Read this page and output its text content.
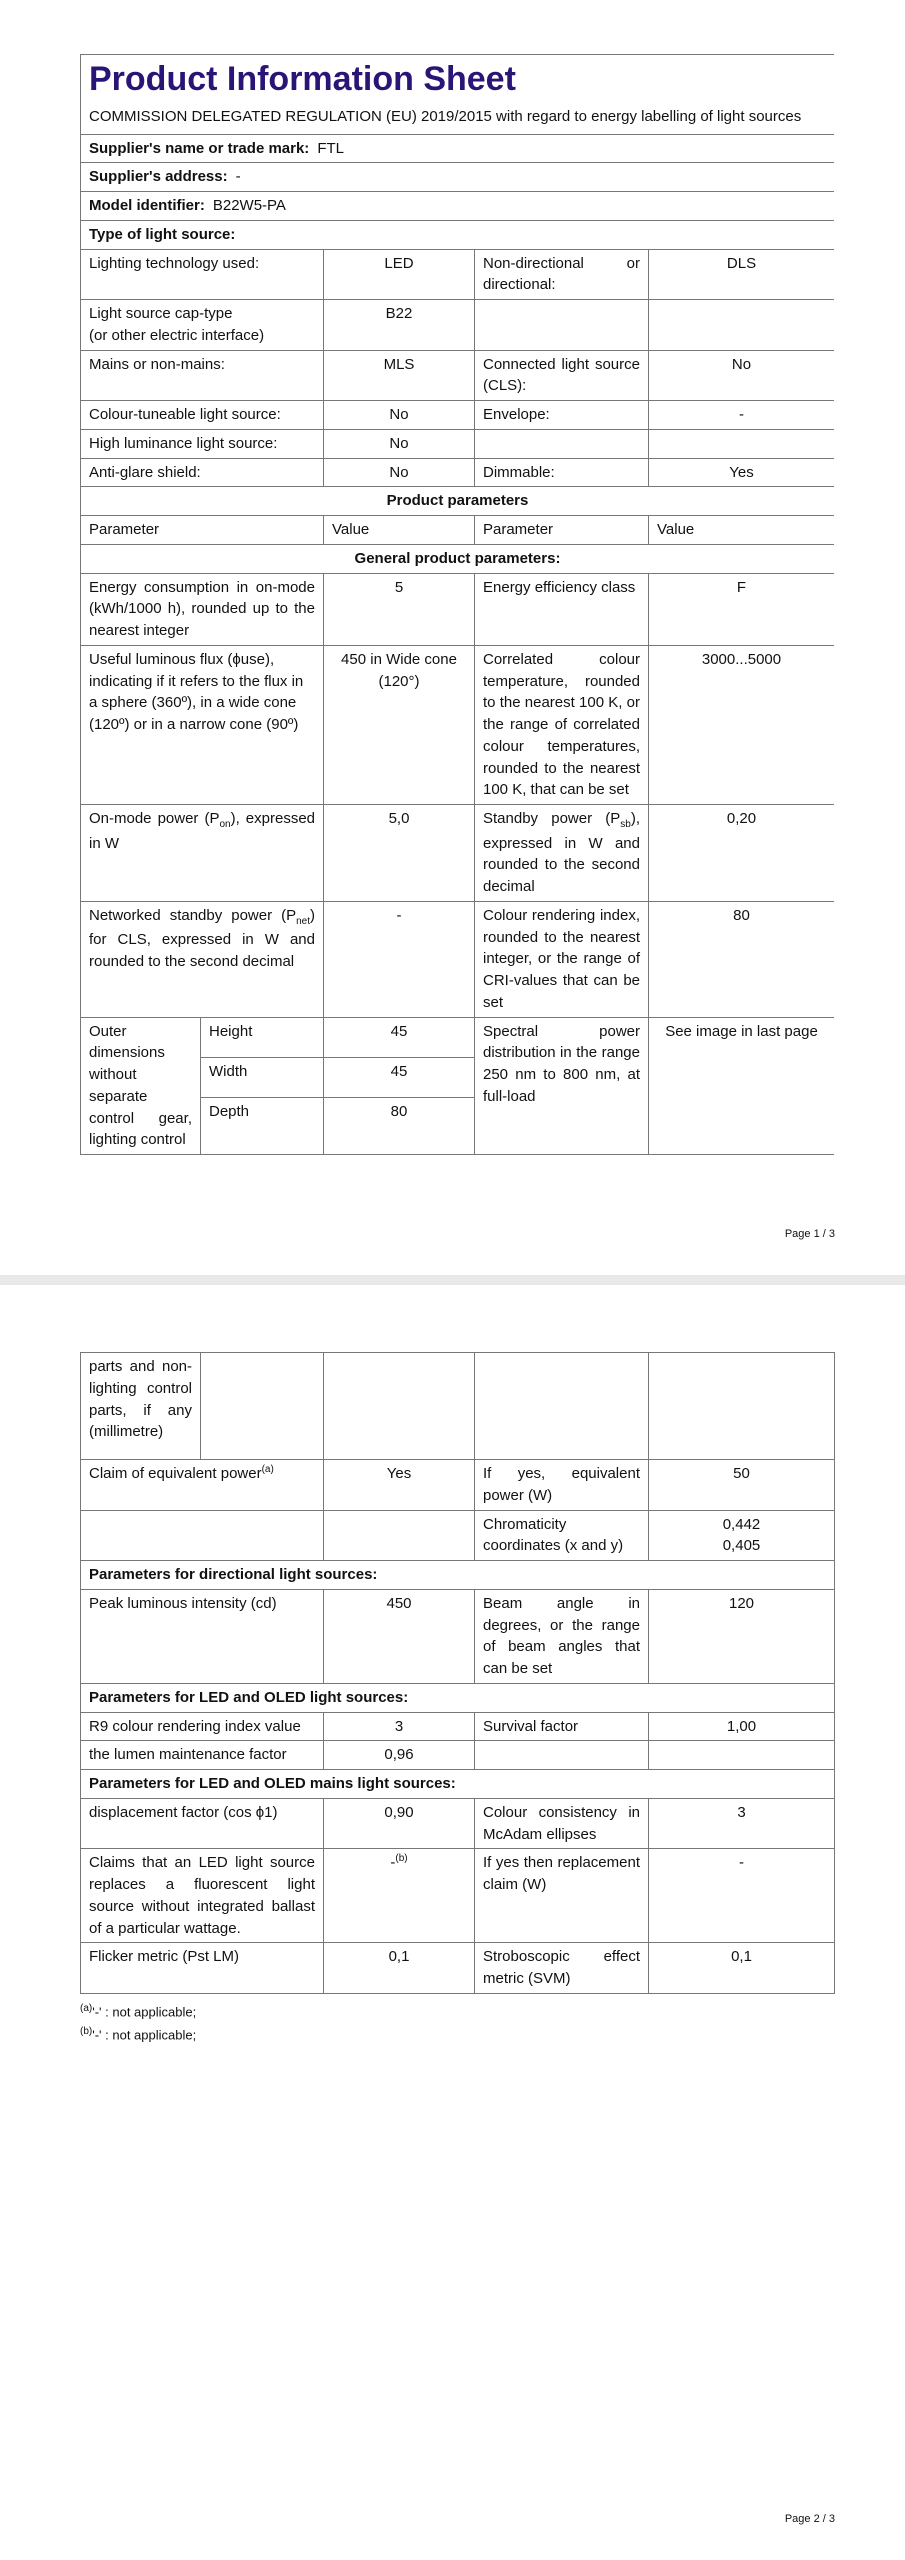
Product Information Sheet
COMMISSION DELEGATED REGULATION (EU) 2019/2015 with regard to energy labelling of light sources				

Supplier's name or trade mark: FTL				
Supplier's address: -				
Model identifier: B22W5-PA				
Type of light source:				
Lighting technology used:		LED	Non-directional or directional:	DLS

Light source cap-type
(or other electric interface)		B22		
Mains or non-mains:		MLS	Connected light source (CLS):	No
Colour-tuneable light source:		No	Envelope:	-
High luminance light source:		No		
Anti-glare shield:		No	Dimmable:	Yes
Product parameters				
Parameter		Value	Parameter	Value
General product parameters:				
Energy consumption in on-mode (kWh/1000 h), rounded up to the nearest integer		5	Energy efficiency class	F
Useful luminous flux (ϕuse), indicating if it refers to the flux in a sphere (360º), in a wide cone (120º) or in a narrow cone (90º)		450 in Wide cone (120°)	Correlated colour temperature, rounded to the nearest 100 K, or the range of correlated colour temperatures, rounded to the nearest 100 K, that can be set	3000...5000
On-mode power $(P_{on})$, expressed in W		5,0	Standby power $(P_{sb})$, expressed in W and rounded to the second decimal	0,20
Networked standby power $(P_{net})$ for CLS, expressed in W and rounded to the second decimal		-	Colour rendering index, rounded to the nearest integer, or the range of CRI-values that can be set	80
Outer dimensions without separate control gear, lighting control	Height	45	Spectral power distribution in the range 250 nm to 800 nm, at full-load	See image in last page
	Width	45		
	Depth	80		
Page 1 / 3
parts and non-lighting control parts, if any (millimetre)				
Claim of equivalent power$^{(a)}$		Yes	If yes, equivalent power (W)	50
			Chromaticity coordinates (x and y)	0,442
0,405

Parameters for directional light sources:				
Peak luminous intensity (cd)		450	Beam angle in degrees, or the range of beam angles that can be set	120
Parameters for LED and OLED light sources:				
R9 colour rendering index value		3	Survival factor	1,00
the lumen maintenance factor		0,96		
Parameters for LED and OLED mains light sources:				
displacement factor (cos ϕ1)		0,90	Colour consistency in McAdam ellipses	3
Claims that an LED light source replaces a fluorescent light source without integrated ballast of a particular wattage.		-$^{(b)}$	If yes then replacement claim (W)	-
Flicker metric (Pst LM)		0,1	Stroboscopic effect metric (SVM)	0,1
$^{(a)}$'-' : not applicable;
$^{(b)}$'-' : not applicable;
Page 2 / 3
